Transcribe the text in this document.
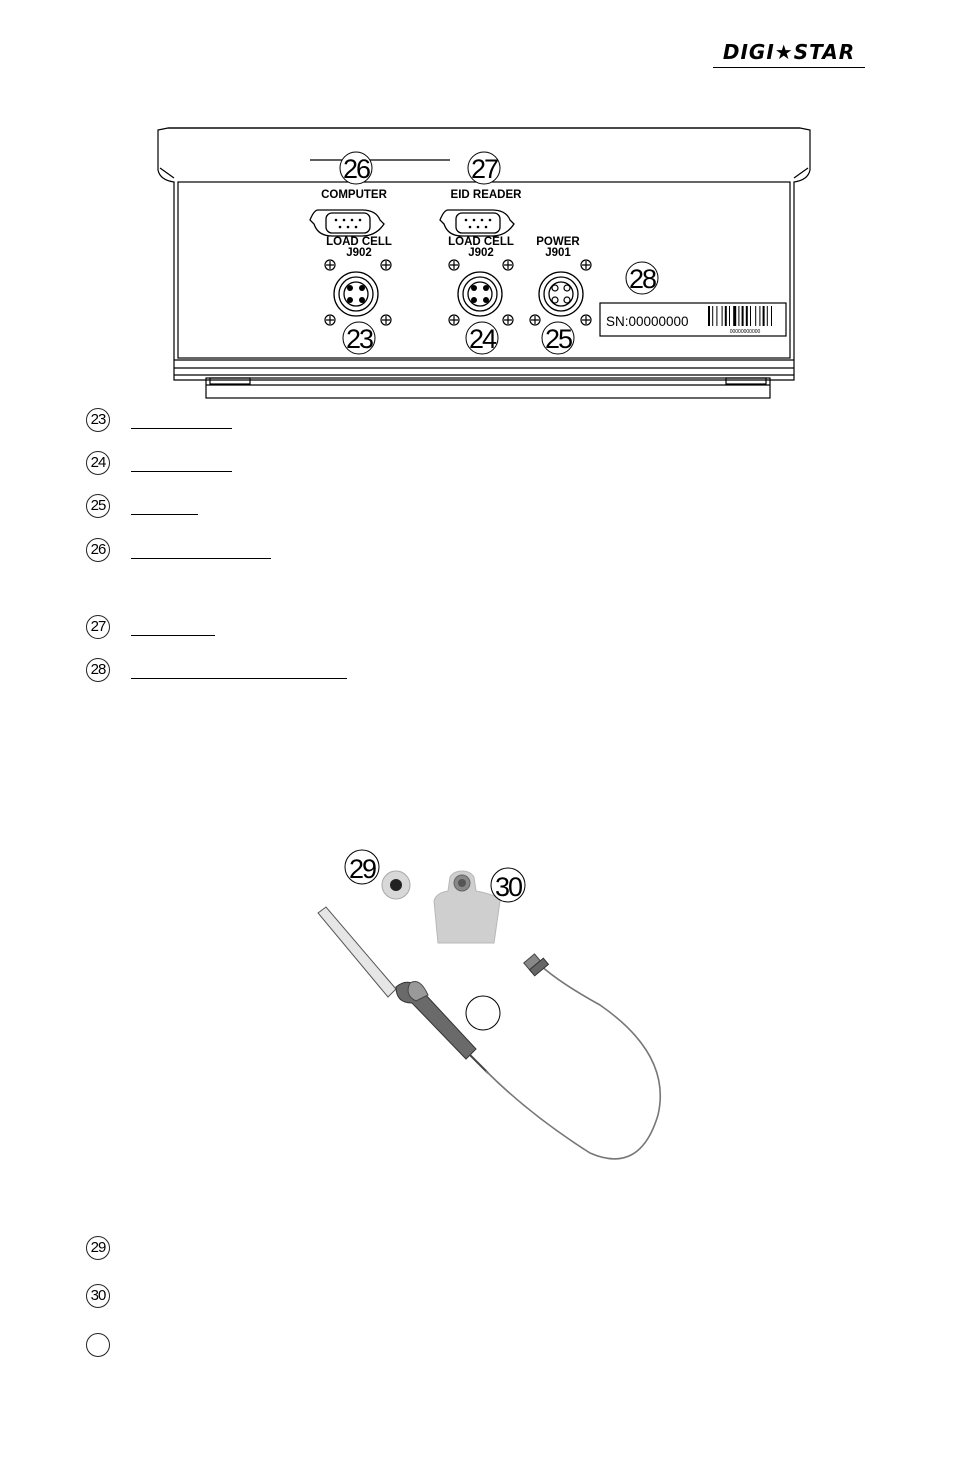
DIGI★STAR
COMPUTER	EID READER
LOAD CELL
J902
LOAD CELL
J902
POWER
J901
SN:00000000
00000000000
26	27
23	24 25
28
23
24
25
26
27
28
29
30
29
30
